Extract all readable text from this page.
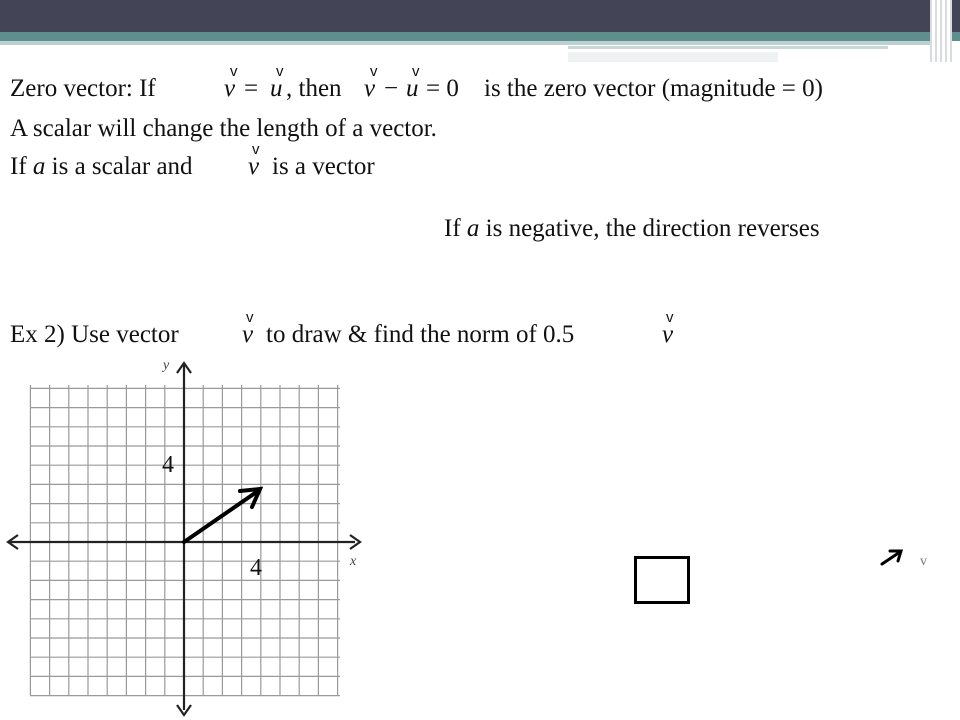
Zero vector: If
v	v	v v
v = u , then v − u = 0 is the zero vector (magnitude = 0)
A scalar will change the length of a vector.
If a is a scalar and
v
v is a vector
If a is negative, the direction reverses
Ex 2) Use vector
v
v to draw & find the norm of 0.5
v
v
x
y
4
4	v
